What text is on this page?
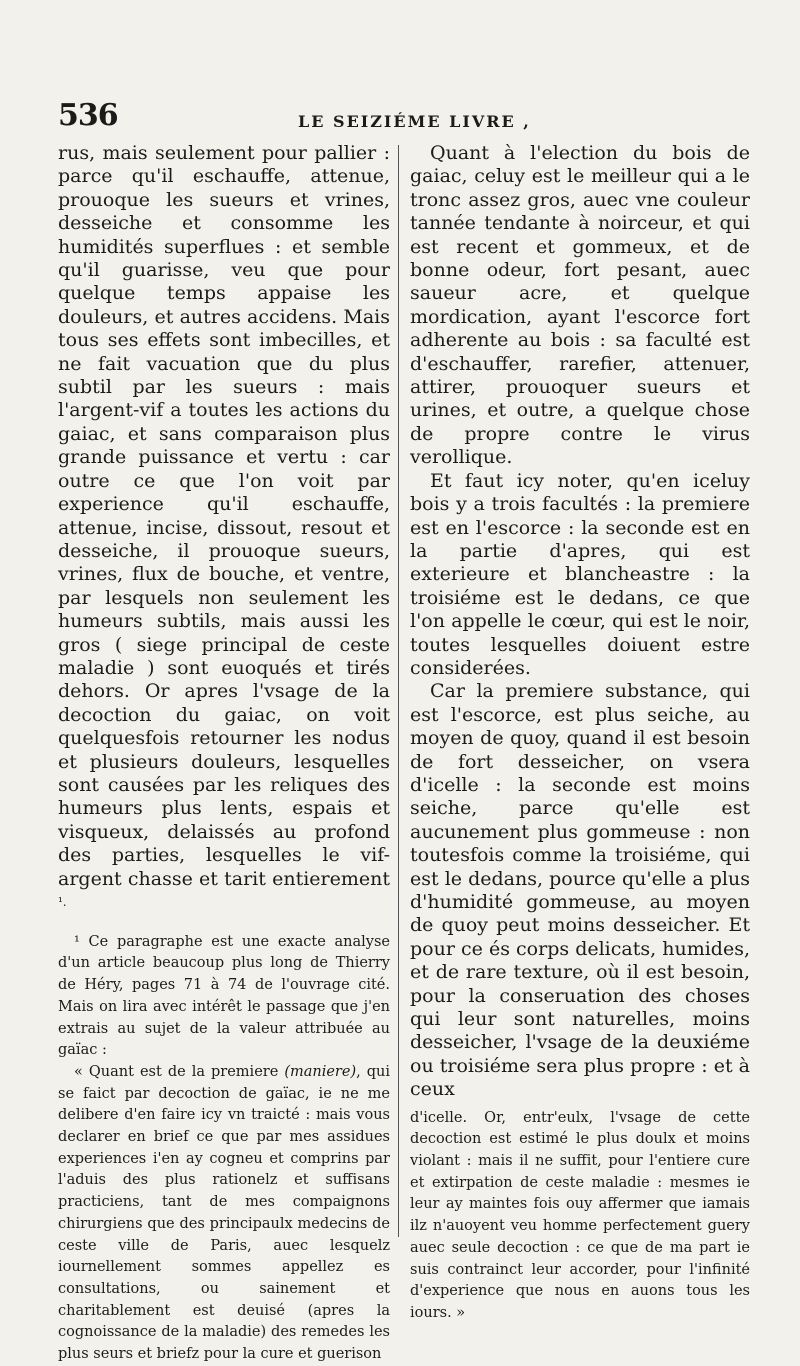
536	LE SEIZIÉME LIVRE ,

rus, mais seulement pour pallier : parce qu'il eschauffe, attenue, prouoque les sueurs et vrines, desseiche et consomme les humidités superflues : et semble qu'il guarisse, veu que pour quelque temps appaise les douleurs, et autres accidens. Mais tous ses effets sont imbecilles, et ne fait vacuation que du plus subtil par les sueurs : mais l'argent-vif a toutes les actions du gaiac, et sans comparaison plus grande puissance et vertu : car outre ce que l'on voit par experience qu'il eschauffe, attenue, incise, dissout, resout et desseiche, il prouoque sueurs, vrines, flux de bouche, et ventre, par lesquels non seulement les humeurs subtils, mais aussi les gros ( siege principal de ceste maladie ) sont euoqués et tirés dehors. Or apres l'vsage de la decoction du gaiac, on voit quelquesfois retourner les nodus et plusieurs douleurs, lesquelles sont causées par les reliques des humeurs plus lents, espais et visqueux, delaissés au profond des parties, lesquelles le vif-argent chasse et tarit entierement $^{^1.}$

¹ Ce paragraphe est une exacte analyse d'un article beaucoup plus long de Thierry de Héry, pages 71 à 74 de l'ouvrage cité. Mais on lira avec intérêt le passage que j'en extrais au sujet de la valeur attribuée au gaïac :

« Quant est de la premiere (maniere), qui se faict par decoction de gaïac, ie ne me delibere d'en faire icy vn traicté : mais vous declarer en brief ce que par mes assidues experiences i'en ay cogneu et comprins par l'aduis des plus rationelz et suffisans practiciens, tant de mes compaignons chirurgiens que des principaulx medecins de ceste ville de Paris, auec lesquelz iournellement sommes appellez es consultations, ou sainement et charitablement est deuisé (apres la cognoissance de la maladie) des remedes les plus seurs et briefz pour la cure et guerison

Quant à l'election du bois de gaiac, celuy est le meilleur qui a le tronc assez gros, auec vne couleur tannée tendante à noirceur, et qui est recent et gommeux, et de bonne odeur, fort pesant, auec saueur acre, et quelque mordication, ayant l'escorce fort adherente au bois : sa faculté est d'eschauffer, rarefier, attenuer, attirer, prouoquer sueurs et urines, et outre, a quelque chose de propre contre le virus verollique.

Et faut icy noter, qu'en iceluy bois y a trois facultés : la premiere est en l'escorce : la seconde est en la partie d'apres, qui est exterieure et blancheastre : la troisiéme est le dedans, ce que l'on appelle le cœur, qui est le noir, toutes lesquelles doiuent estre considerées.

Car la premiere substance, qui est l'escorce, est plus seiche, au moyen de quoy, quand il est besoin de fort desseicher, on vsera d'icelle : la seconde est moins seiche, parce qu'elle est aucunement plus gommeuse : non toutesfois comme la troisiéme, qui est le dedans, pource qu'elle a plus d'humidité gommeuse, au moyen de quoy peut moins desseicher. Et pour ce és corps delicats, humides, et de rare texture, où il est besoin, pour la conseruation des choses qui leur sont naturelles, moins desseicher, l'vsage de la deuxiéme ou troisiéme sera plus propre : et à ceux

d'icelle. Or, entr'eulx, l'vsage de cette decoction est estimé le plus doulx et moins violant : mais il ne suffit, pour l'entiere cure et extirpation de ceste maladie : mesmes ie leur ay maintes fois ouy affermer que iamais ilz n'auoyent veu homme perfectement guery auec seule decoction : ce que de ma part ie suis contrainct leur accorder, pour l'infinité d'experience que nous en auons tous les iours. »
